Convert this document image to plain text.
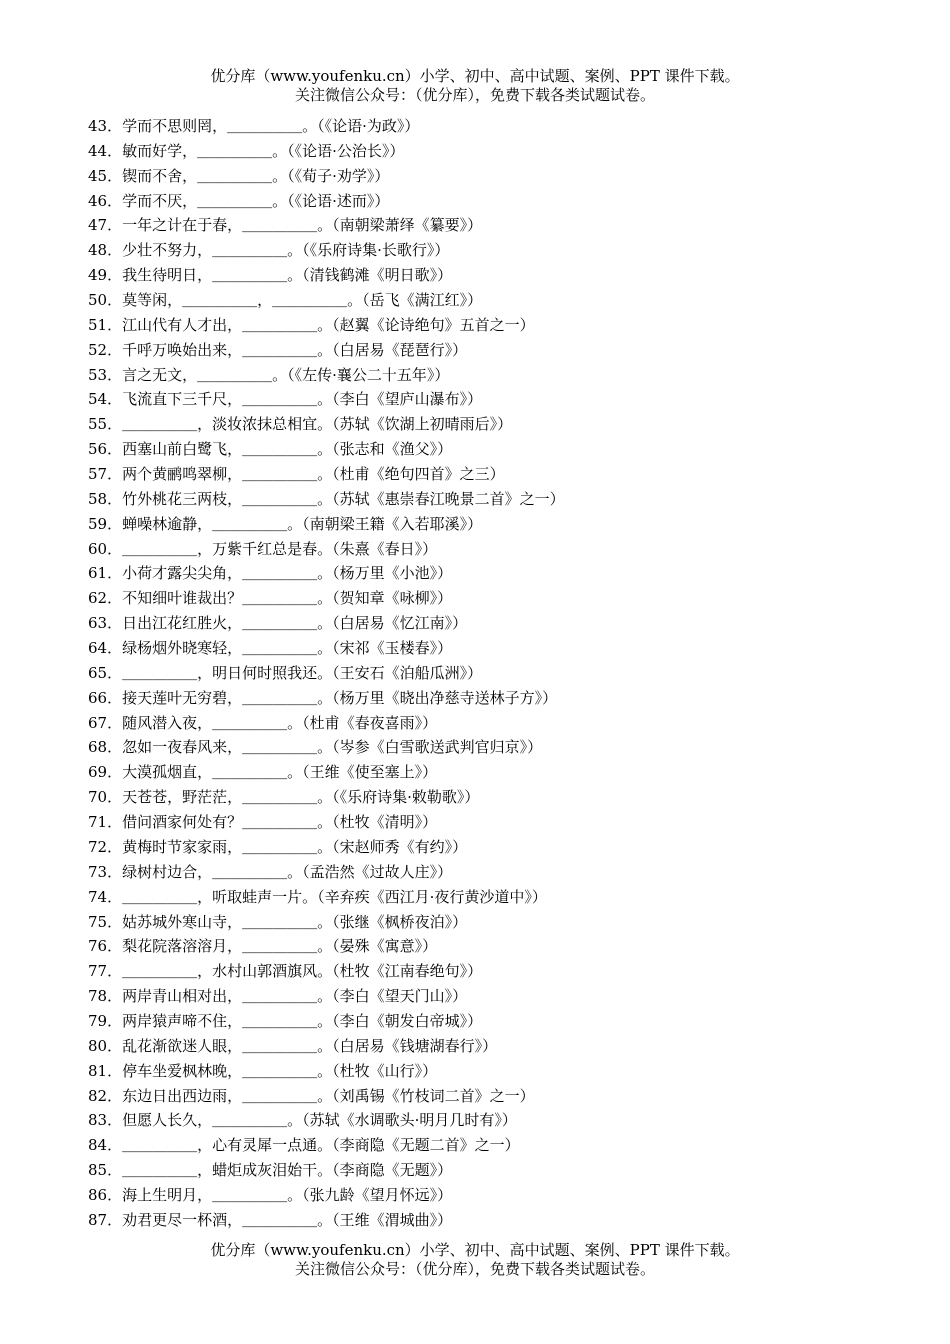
优分库（www.youfenku.cn）小学、初中、高中试题、案例、PPT 课件下载。
关注微信公众号：（优分库），免费下载各类试题试卷。
43．学而不思则罔，＿＿＿＿＿。（《论语·为政》）
44．敏而好学，＿＿＿＿＿。（《论语·公治长》）
45．锲而不舍，＿＿＿＿＿。（《荀子·劝学》）
46．学而不厌，＿＿＿＿＿。（《论语·述而》）
47．一年之计在于春，＿＿＿＿＿。（南朝梁萧绎《纂要》）
48．少壮不努力，＿＿＿＿＿。（《乐府诗集·长歌行》）
49．我生待明日，＿＿＿＿＿。（清钱鹤滩《明日歌》）
50．莫等闲，＿＿＿＿＿，＿＿＿＿＿。（岳飞《满江红》）
51．江山代有人才出，＿＿＿＿＿。（赵翼《论诗绝句》五首之一）
52．千呼万唤始出来，＿＿＿＿＿。（白居易《琵琶行》）
53．言之无文，＿＿＿＿＿。（《左传·襄公二十五年》）
54．飞流直下三千尺，＿＿＿＿＿。（李白《望庐山瀑布》）
55．＿＿＿＿＿，淡妆浓抹总相宜。（苏轼《饮湖上初晴雨后》）
56．西塞山前白鹭飞，＿＿＿＿＿。（张志和《渔父》）
57．两个黄鹂鸣翠柳，＿＿＿＿＿。（杜甫《绝句四首》之三）
58．竹外桃花三两枝，＿＿＿＿＿。（苏轼《惠崇春江晚景二首》之一）
59．蝉噪林逾静，＿＿＿＿＿。（南朝梁王籍《入若耶溪》）
60．＿＿＿＿＿，万紫千红总是春。（朱熹《春日》）
61．小荷才露尖尖角，＿＿＿＿＿。（杨万里《小池》）
62．不知细叶谁裁出？＿＿＿＿＿。（贺知章《咏柳》）
63．日出江花红胜火，＿＿＿＿＿。（白居易《忆江南》）
64．绿杨烟外晓寒轻，＿＿＿＿＿。（宋祁《玉楼春》）
65．＿＿＿＿＿，明日何时照我还。（王安石《泊船瓜洲》）
66．接天莲叶无穷碧，＿＿＿＿＿。（杨万里《晓出净慈寺送林子方》）
67．随风潜入夜，＿＿＿＿＿。（杜甫《春夜喜雨》）
68．忽如一夜春风来，＿＿＿＿＿。（岑参《白雪歌送武判官归京》）
69．大漠孤烟直，＿＿＿＿＿。（王维《使至塞上》）
70．天苍苍，野茫茫，＿＿＿＿＿。（《乐府诗集·敕勒歌》）
71．借问酒家何处有？＿＿＿＿＿。（杜牧《清明》）
72．黄梅时节家家雨，＿＿＿＿＿。（宋赵师秀《有约》）
73．绿树村边合，＿＿＿＿＿。（孟浩然《过故人庄》）
74．＿＿＿＿＿，听取蛙声一片。（辛弃疾《西江月·夜行黄沙道中》）
75．姑苏城外寒山寺，＿＿＿＿＿。（张继《枫桥夜泊》）
76．梨花院落溶溶月，＿＿＿＿＿。（晏殊《寓意》）
77．＿＿＿＿＿，水村山郭酒旗风。（杜牧《江南春绝句》）
78．两岸青山相对出，＿＿＿＿＿。（李白《望天门山》）
79．两岸猿声啼不住，＿＿＿＿＿。（李白《朝发白帝城》）
80．乱花渐欲迷人眼，＿＿＿＿＿。（白居易《钱塘湖春行》）
81．停车坐爱枫林晚，＿＿＿＿＿。（杜牧《山行》）
82．东边日出西边雨，＿＿＿＿＿。（刘禹锡《竹枝词二首》之一）
83．但愿人长久，＿＿＿＿＿。（苏轼《水调歌头·明月几时有》）
84．＿＿＿＿＿，心有灵犀一点通。（李商隐《无题二首》之一）
85．＿＿＿＿＿，蜡炬成灰泪始干。（李商隐《无题》）
86．海上生明月，＿＿＿＿＿。（张九龄《望月怀远》）
87．劝君更尽一杯酒，＿＿＿＿＿。（王维《渭城曲》）
优分库（www.youfenku.cn）小学、初中、高中试题、案例、PPT 课件下载。
关注微信公众号：（优分库），免费下载各类试题试卷。
